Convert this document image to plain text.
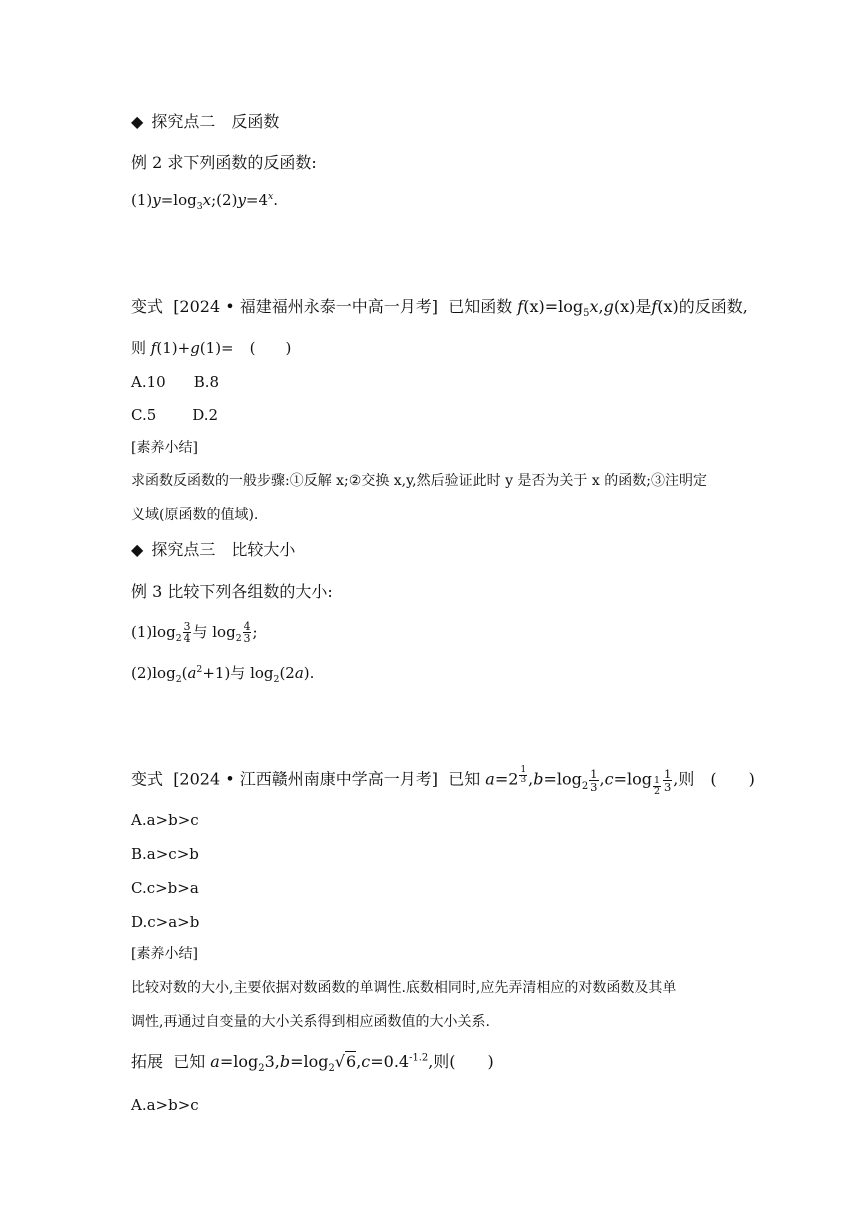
◆ 探究点二　反函数
例 2 求下列函数的反函数:
$(1)y=\log_3x;(2)y=4^x$.
变式 [2024 • 福建福州永泰一中高一月考] 已知函数 $f(x)=\log_5x,g(x)$是f(x)的反函数,
则 f(1)+g(1)= (　　)
A.10 B.8
C.5 D.2
[素养小结]
求函数反函数的一般步骤:①反解 x;②交换 x,y,然后验证此时 y 是否为关于 x 的函数;③注明定
义域(原函数的值域).
◆ 探究点三　比较大小
例 3 比较下列各组数的大小:
$(1)\log_2 \frac{3}{4}$ 与 $\log_2 \frac{4}{3}$ ;
$(2)\log_2(a^2+1)$与 $\log_2(2a)$.
变式 [2024 • 江西赣州南康中学高一月考] 已知 a=2 $^{\frac{1}{3}}$ $,b=\log_2 \frac{1}{3} ,c=\log$ $_{\frac{1}{2}} \frac{1}{3}$ ,则 (　　)
A.a>b>c
B.a>c>b
C.c>b>a
D.c>a>b
[素养小结]
比较对数的大小,主要依据对数函数的单调性.底数相同时,应先弄清相应的对数函数及其单
调性,再通过自变量的大小关系得到相应函数值的大小关系.
拓展 已知 $a=\log_23,b=\log_2√6,c=0.4^{-1.2}$,则(　　)
A.a>b>c
